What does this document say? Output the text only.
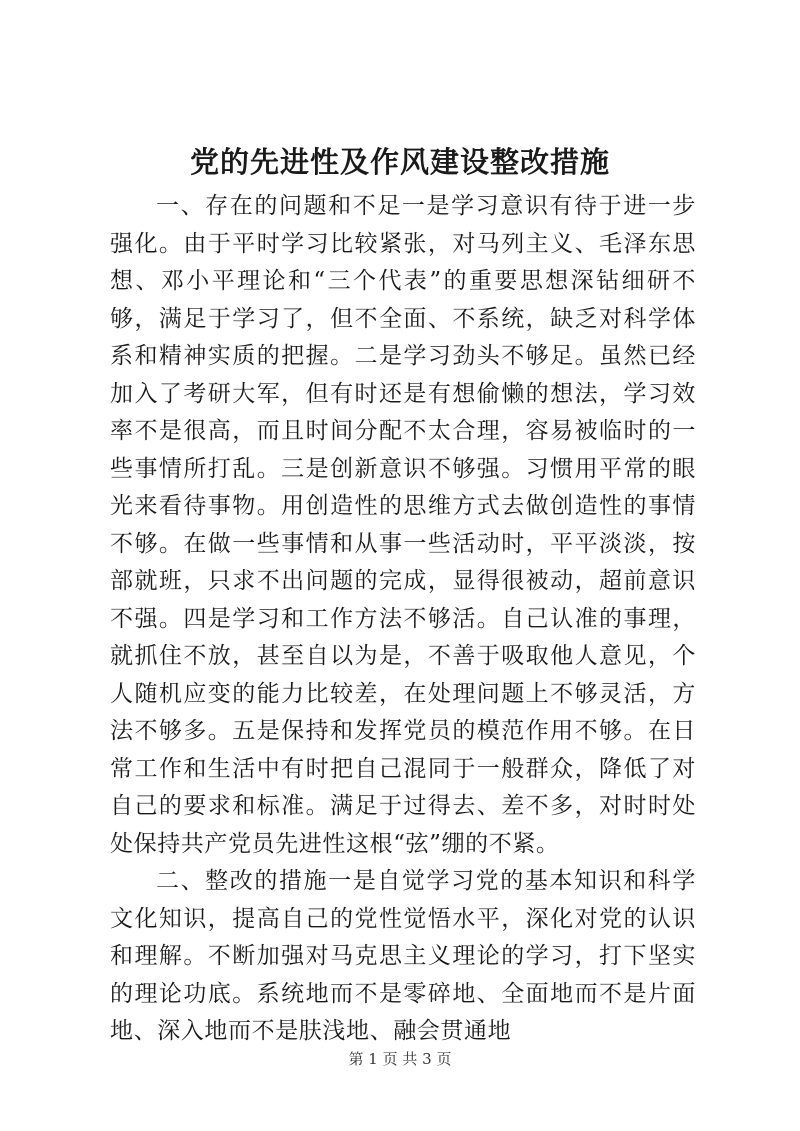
党的先进性及作风建设整改措施

一、存在的问题和不足一是学习意识有待于进一步强化。由于平时学习比较紧张，对马列主义、毛泽东思想、邓小平理论和“三个代表”的重要思想深钻细研不够，满足于学习了，但不全面、不系统，缺乏对科学体系和精神实质的把握。二是学习劲头不够足。虽然已经加入了考研大军，但有时还是有想偷懒的想法，学习效率不是很高，而且时间分配不太合理，容易被临时的一些事情所打乱。三是创新意识不够强。习惯用平常的眼光来看待事物。用创造性的思维方式去做创造性的事情不够。在做一些事情和从事一些活动时，平平淡淡，按部就班，只求不出问题的完成，显得很被动，超前意识不强。四是学习和工作方法不够活。自己认准的事理，就抓住不放，甚至自以为是，不善于吸取他人意见，个人随机应变的能力比较差，在处理问题上不够灵活，方法不够多。五是保持和发挥党员的模范作用不够。在日常工作和生活中有时把自己混同于一般群众，降低了对自己的要求和标准。满足于过得去、差不多，对时时处处保持共产党员先进性这根“弦”绷的不紧。

二、整改的措施一是自觉学习党的基本知识和科学文化知识，提高自己的党性觉悟水平，深化对党的认识和理解。不断加强对马克思主义理论的学习，打下坚实的理论功底。系统地而不是零碎地、全面地而不是片面地、深入地而不是肤浅地、融会贯通地

第 1 页 共 3 页
